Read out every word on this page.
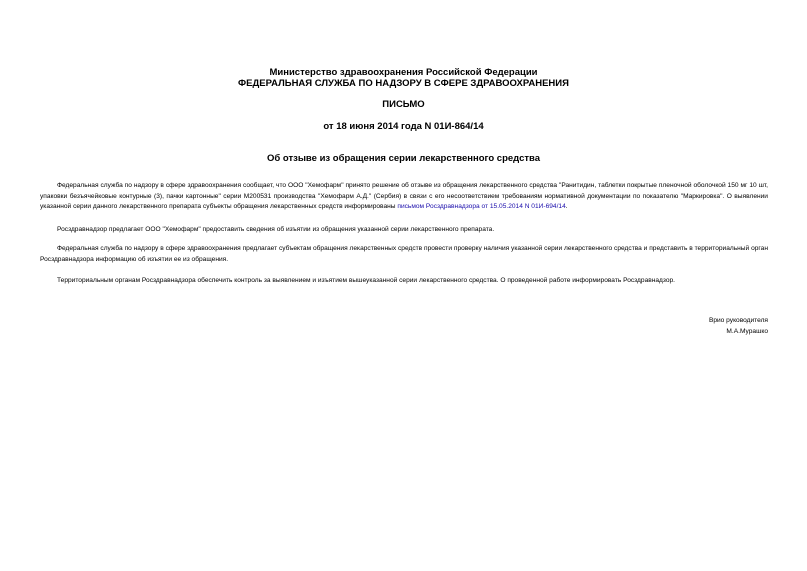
Министерство здравоохранения Российской Федерации
ФЕДЕРАЛЬНАЯ СЛУЖБА ПО НАДЗОРУ В СФЕРЕ ЗДРАВООХРАНЕНИЯ
ПИСЬМО
от 18 июня 2014 года N 01И-864/14
Об отзыве из обращения серии лекарственного средства

Федеральная служба по надзору в сфере здравоохранения сообщает, что ООО "Хемофарм" принято решение об отзыве из обращения лекарственного средства "Ранитидин, таблетки покрытые пленочной оболочкой 150 мг 10 шт, упаковки безъячейковые контурные (3), пачки картонные" серии М200531 производства "Хемофарм А.Д." (Сербия) в связи с его несоответствием требованиям нормативной документации по показателю "Маркировка". О выявлении указанной серии данного лекарственного препарата субъекты обращения лекарственных средств информированы письмом Росздравнадзора от 15.05.2014 N 01И-694/14.

Росздравнадзор предлагает ООО "Хемофарм" предоставить сведения об изъятии из обращения указанной серии лекарственного препарата.

Федеральная служба по надзору в сфере здравоохранения предлагает субъектам обращения лекарственных средств провести проверку наличия указанной серии лекарственного средства и представить в территориальный орган Росздравнадзора информацию об изъятии ее из обращения.

Территориальным органам Росздравнадзора обеспечить контроль за выявлением и изъятием вышеуказанной серии лекарственного средства. О проведенной работе информировать Росздравнадзор.

Врио руководителя
М.А.Мурашко
